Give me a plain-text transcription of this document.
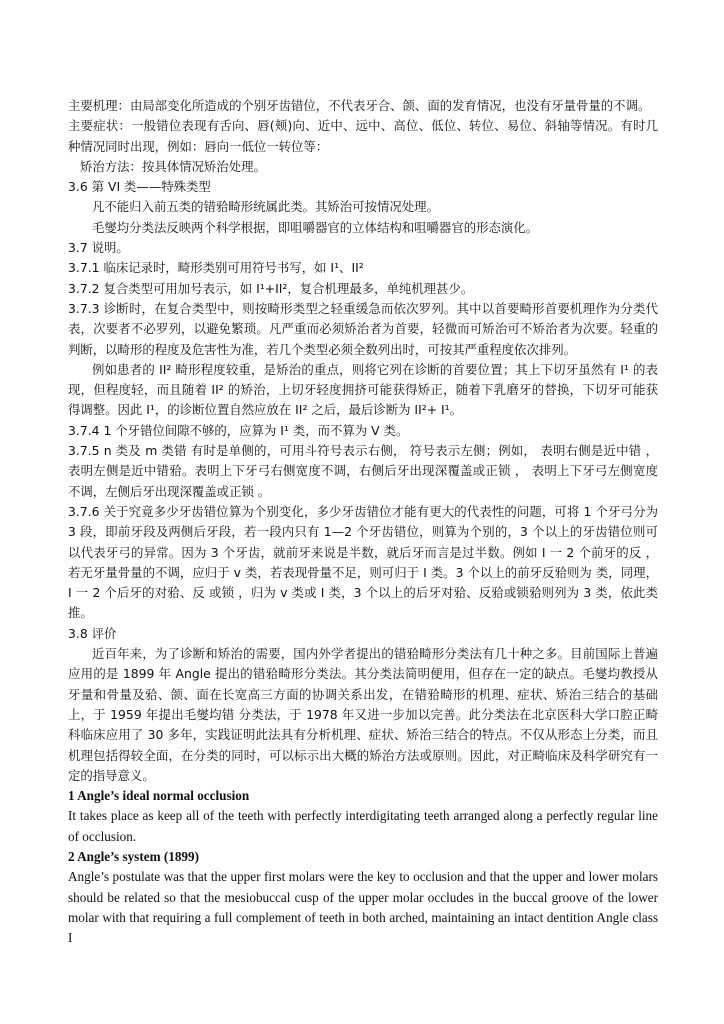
主要机理：由局部变化所造成的个别牙齿错位，不代表牙合、颌、面的发育情况，也没有牙量骨量的不调。

主要症状：一般错位表现有舌向、唇(颊)向、近中、远中、高位、低位、转位、易位、斜轴等情况。有时几种情况同时出现，例如：唇向一低位一转位等：

矫治方法：按具体情况矫治处理。

3.6 第 VI 类——特殊类型

凡不能归入前五类的错𬌗畸形统属此类。其矫治可按情况处理。

毛燮均分类法反映两个科学根据，即咀嚼器官的立体结构和咀嚼器官的形态演化。

3.7 说明。

3.7.1 临床记录时，畸形类别可用符号书写，如 I¹、II²

3.7.2 复合类型可用加号表示，如 I¹+II²，复合机理最多，单纯机理甚少。

3.7.3 诊断时，在复合类型中，则按畸形类型之轻重缓急而依次罗列。其中以首要畸形首要机理作为分类代表，次要者不必罗列，以避免繁琐。凡严重而必须矫治者为首要，轻微而可矫治可不矫治者为次要。轻重的判断，以畸形的程度及危害性为准，若几个类型必须全数列出时，可按其严重程度依次排列。

例如患者的 II² 畸形程度较重，是矫治的重点，则将它列在诊断的首要位置；其上下切牙虽然有 I¹ 的表现，但程度轻，而且随着 II² 的矫治，上切牙轻度拥挤可能获得矫正，随着下乳磨牙的替换，下切牙可能获得调整。因此 I¹，的诊断位置自然应放在 II² 之后，最后诊断为 II²+ I¹。

3.7.4 1 个牙错位间隙不够的，应算为 I¹ 类，而不算为 V 类。

3.7.5 n 类及 m 类错 有时是单侧的，可用斗符号表示右侧， 符号表示左侧；例如， 表明右侧是近中错 ， 表明左侧是近中错𬌗。表明上下牙弓右侧宽度不调，右侧后牙出现深覆盖或正锁 ， 表明上下牙弓左侧宽度不调，左侧后牙出现深覆盖或正锁 。

3.7.6 关于究竟多少牙齿错位算为个别变化，多少牙齿错位才能有更大的代表性的问题，可将 1 个牙弓分为 3 段，即前牙段及两侧后牙段，若一段内只有 1—2 个牙齿错位，则算为个别的，3 个以上的牙齿错位则可以代表牙弓的异常。因为 3 个牙齿，就前牙来说是半数，就后牙而言是过半数。例如 I 一 2 个前牙的反 ，若无牙量骨量的不调，应归于 v 类，若表现骨量不足，则可归于 I 类。3 个以上的前牙反𬌗则为 类，同理，I 一 2 个后牙的对𬌗、反 或锁 ，归为 v 类或 I 类，3 个以上的后牙对𬌗、反𬌗或锁𬌗则列为 3 类，依此类推。

3.8 评价

近百年来，为了诊断和矫治的需要，国内外学者提出的错𬌗畸形分类法有几十种之多。目前国际上普遍应用的是 1899 年 Angle 提出的错𬌗畸形分类法。其分类法简明便用，但存在一定的缺点。毛燮均教授从牙量和骨量及𬌗、颌、面在长宽高三方面的协调关系出发，在错𬌗畸形的机理、症状、矫治三结合的基础上，于 1959 年提出毛燮均错 分类法，于 1978 年又进一步加以完善。此分类法在北京医科大学口腔正畸科临床应用了 30 多年，实践证明此法具有分析机理、症状、矫治三结合的特点。不仅从形态上分类，而且机理包括得较全面，在分类的同时，可以标示出大概的矫治方法或原则。因此，对正畸临床及科学研究有一定的指导意义。

1 Angle’s ideal normal occlusion

It takes place as keep all of the teeth with perfectly interdigitating teeth arranged along a perfectly regular line of occlusion.

2 Angle’s system (1899)

Angle’s postulate was that the upper first molars were the key to occlusion and that the upper and lower molars should be related so that the mesiobuccal cusp of the upper molar occludes in the buccal groove of the lower molar with that requiring a full complement of teeth in both arched, maintaining an intact dentition Angle class I
